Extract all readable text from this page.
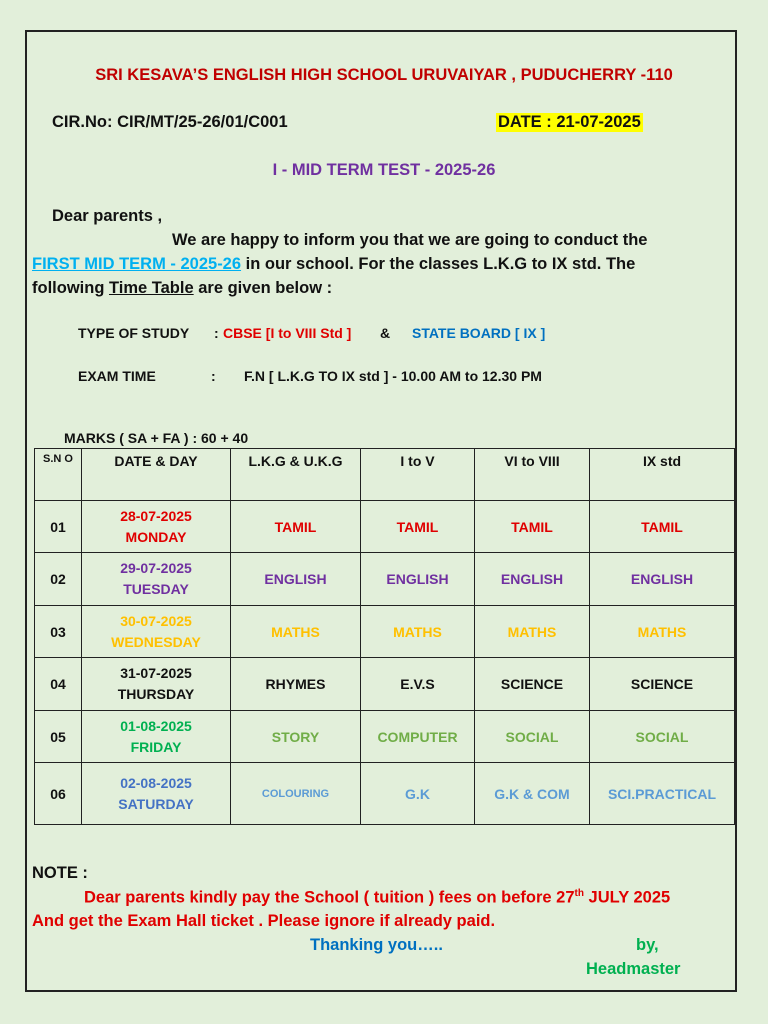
SRI KESAVA’S ENGLISH HIGH SCHOOL URUVAIYAR , PUDUCHERRY -110
CIR.No: CIR/MT/25-26/01/C001	DATE : 21-07-2025
I - MID TERM TEST - 2025-26
Dear parents ,
We are happy to inform you that we are going to conduct the
FIRST MID TERM - 2025-26 in our school. For the classes L.K.G to IX std. The
following Time Table are given below :
TYPE OF STUDY : CBSE [I to VIII Std ] & STATE BOARD [ IX ]
EXAM TIME	: F.N [ L.K.G TO IX std ] - 10.00 AM to 12.30 PM
MARKS ( SA + FA ) : 60 + 40
S.N O	DATE & DAY	L.K.G & U.K.G	I to V	VI to VIII	IX std
01	28-07-2025
MONDAY	TAMIL	TAMIL	TAMIL	TAMIL
02	29-07-2025
TUESDAY	ENGLISH	ENGLISH	ENGLISH	ENGLISH
03	30-07-2025
WEDNESDAY	MATHS	MATHS	MATHS	MATHS
04	31-07-2025
THURSDAY	RHYMES	E.V.S	SCIENCE	SCIENCE
05	01-08-2025
FRIDAY	STORY	COMPUTER	SOCIAL	SOCIAL
06	02-08-2025
SATURDAY	COLOURING	G.K	G.K & COM	SCI.PRACTICAL
NOTE :
Dear parents kindly pay the School ( tuition ) fees on before 27th JULY 2025
And get the Exam Hall ticket . Please ignore if already paid.
Thanking you…..	by,
Headmaster
